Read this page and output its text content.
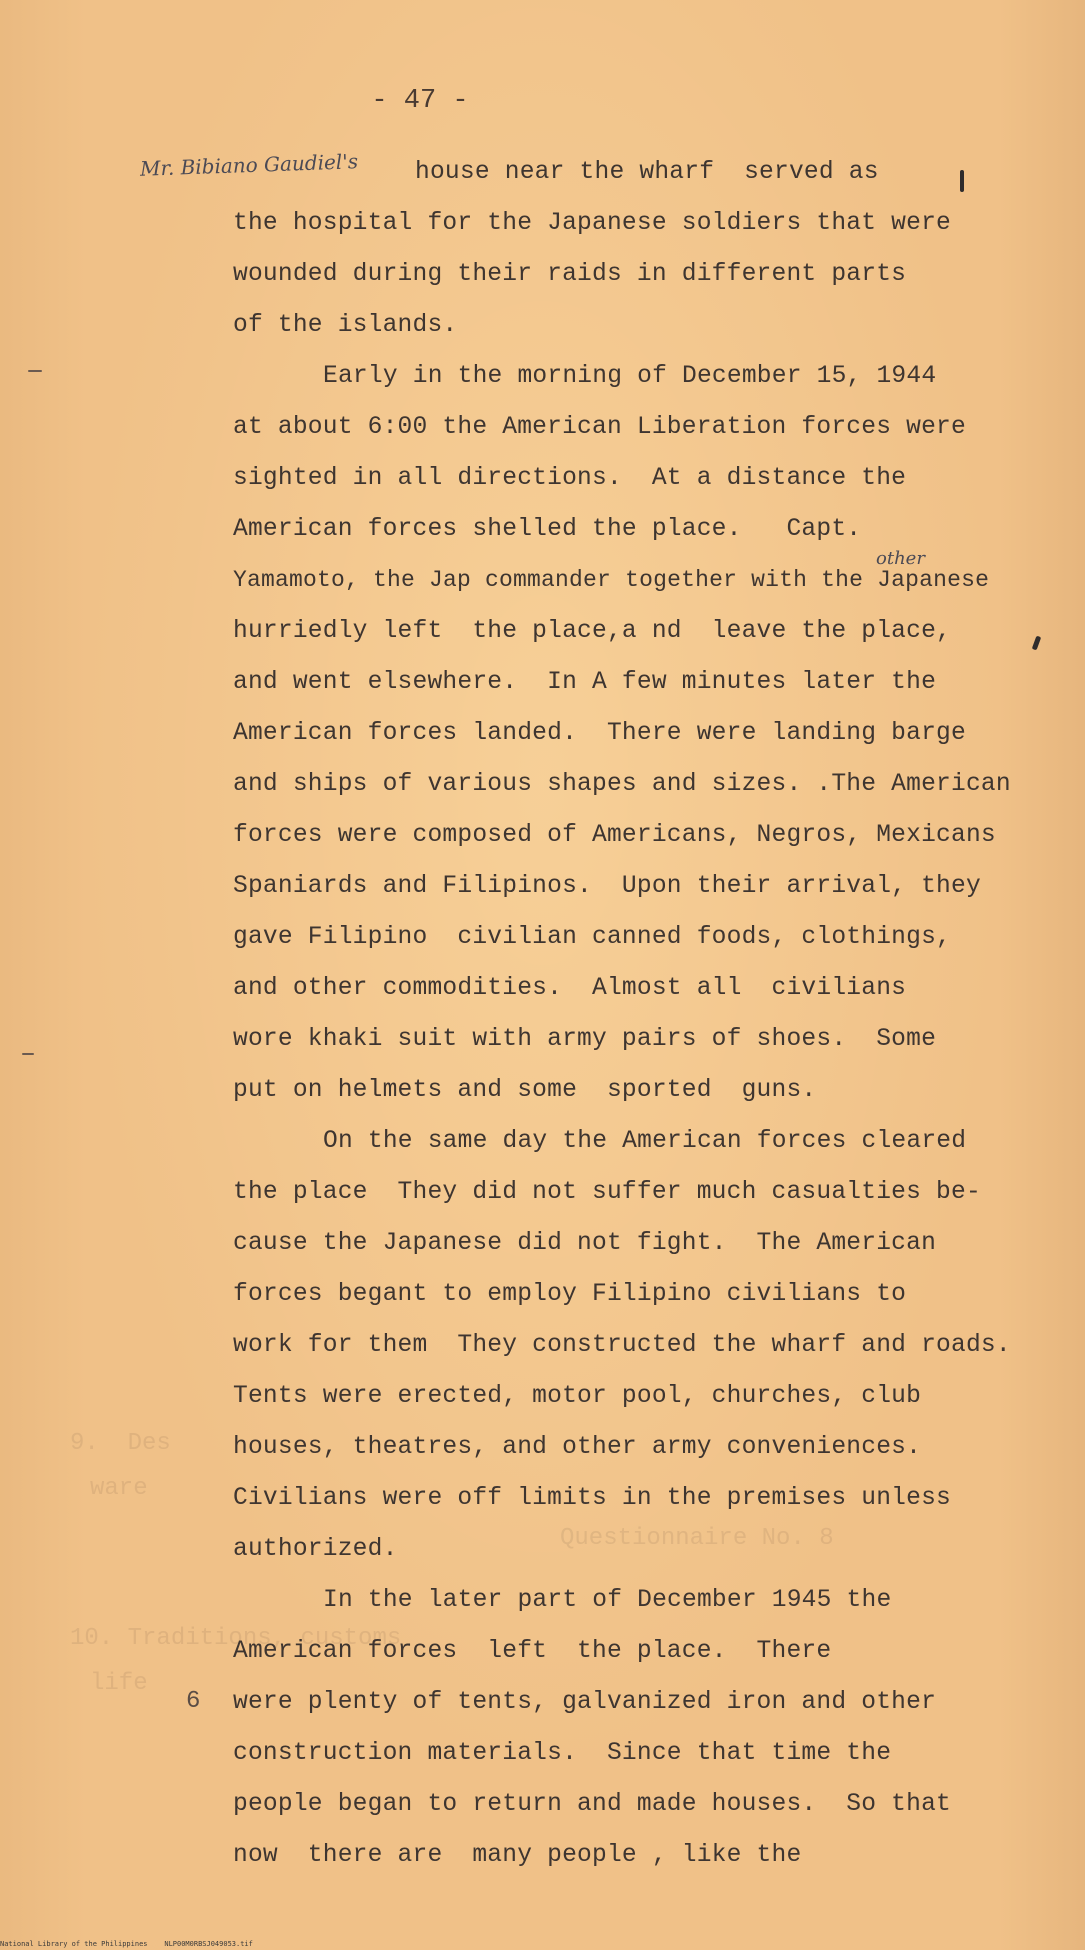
9.  Des
ware
Questionnaire No. 8
10. Traditions, customs
life
- 47 -
Mr. Bibiano Gaudiel's
other
house near the wharf  served as
the hospital for the Japanese soldiers that were
wounded during their raids in different parts
of the islands.
Early in the morning of December 15, 1944
at about 6:00 the American Liberation forces were
sighted in all directions.  At a distance the
American forces shelled the place.   Capt.
Yamamoto, the Jap commander together with the Japanese
hurriedly left  the place,a nd  leave the place,
and went elsewhere.  In A few minutes later the
American forces landed.  There were landing barge
and ships of various shapes and sizes. .The American
forces were composed of Americans, Negros, Mexicans
Spaniards and Filipinos.  Upon their arrival, they
gave Filipino  civilian canned foods, clothings,
and other commodities.  Almost all  civilians
wore khaki suit with army pairs of shoes.  Some
put on helmets and some  sported  guns.
On the same day the American forces cleared
the place  They did not suffer much casualties be-
cause the Japanese did not fight.  The American
forces begant to employ Filipino civilians to
work for them  They constructed the wharf and roads.
Tents were erected, motor pool, churches, club
houses, theatres, and other army conveniences.
Civilians were off limits in the premises unless
authorized.
In the later part of December 1945 the
American forces  left  the place.  There
6 were plenty of tents, galvanized iron and other
construction materials.  Since that time the
people began to return and made houses.  So that
now  there are  many people , like the
National Library of the Philippines    NLP00M0RBSJ049053.tif
